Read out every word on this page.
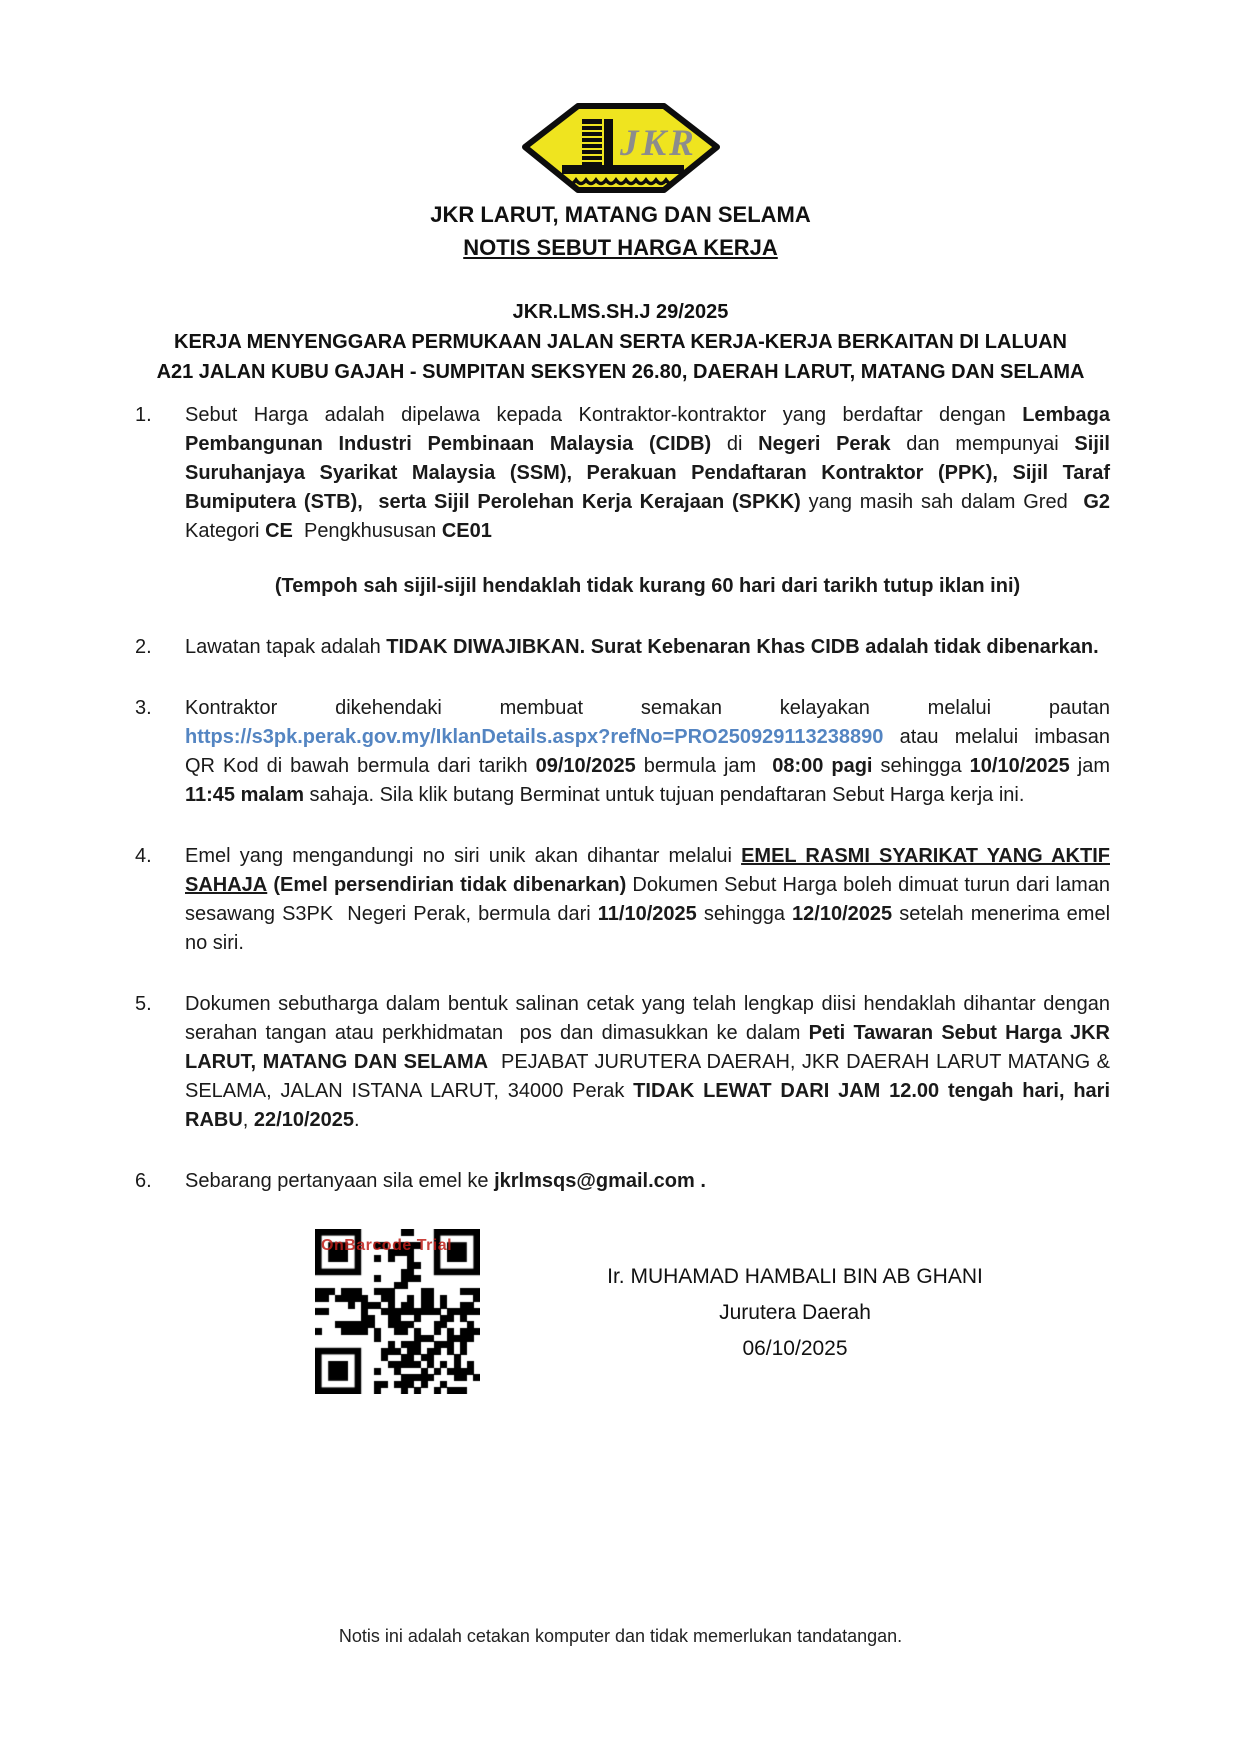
JKR
JKR LARUT, MATANG DAN SELAMA
NOTIS SEBUT HARGA KERJA
JKR.LMS.SH.J 29/2025
KERJA MENYENGGARA PERMUKAAN JALAN SERTA KERJA-KERJA BERKAITAN DI LALUAN A21 JALAN KUBU GAJAH - SUMPITAN SEKSYEN 26.80, DAERAH LARUT, MATANG DAN SELAMA
1.	Sebut Harga adalah dipelawa kepada Kontraktor-kontraktor yang berdaftar dengan Lembaga Pembangunan Industri Pembinaan Malaysia (CIDB) di Negeri Perak dan mempunyai Sijil Suruhanjaya Syarikat Malaysia (SSM), Perakuan Pendaftaran Kontraktor (PPK), Sijil Taraf Bumiputera (STB),  serta Sijil Perolehan Kerja Kerajaan (SPKK) yang masih sah dalam Gred  G2 Kategori CE  Pengkhususan CE01
(Tempoh sah sijil-sijil hendaklah tidak kurang 60 hari dari tarikh tutup iklan ini)
2.	Lawatan tapak adalah TIDAK DIWAJIBKAN. Surat Kebenaran Khas CIDB adalah tidak dibenarkan.
3.	Kontraktor dikehendaki membuat semakan kelayakan melalui pautan https://s3pk.perak.gov.my/IklanDetails.aspx?refNo=PRO250929113238890 atau melalui imbasan QR Kod di bawah bermula dari tarikh 09/10/2025 bermula jam  08:00 pagi sehingga 10/10/2025 jam 11:45 malam sahaja. Sila klik butang Berminat untuk tujuan pendaftaran Sebut Harga kerja ini.
4.	Emel yang mengandungi no siri unik akan dihantar melalui EMEL RASMI SYARIKAT YANG AKTIF SAHAJA (Emel persendirian tidak dibenarkan) Dokumen Sebut Harga boleh dimuat turun dari laman sesawang S3PK  Negeri Perak, bermula dari 11/10/2025 sehingga 12/10/2025 setelah menerima emel no siri.
5.	Dokumen sebutharga dalam bentuk salinan cetak yang telah lengkap diisi hendaklah dihantar dengan serahan tangan atau perkhidmatan  pos dan dimasukkan ke dalam Peti Tawaran Sebut Harga JKR LARUT, MATANG DAN SELAMA  PEJABAT JURUTERA DAERAH, JKR DAERAH LARUT MATANG & SELAMA, JALAN ISTANA LARUT, 34000 Perak TIDAK LEWAT DARI JAM 12.00 tengah hari, hari RABU, 22/10/2025.
6.	Sebarang pertanyaan sila emel ke jkrlmsqs@gmail.com .
OnBarcode Trial
Ir. MUHAMAD HAMBALI BIN AB GHANI
Jurutera Daerah
06/10/2025
Notis ini adalah cetakan komputer dan tidak memerlukan tandatangan.
